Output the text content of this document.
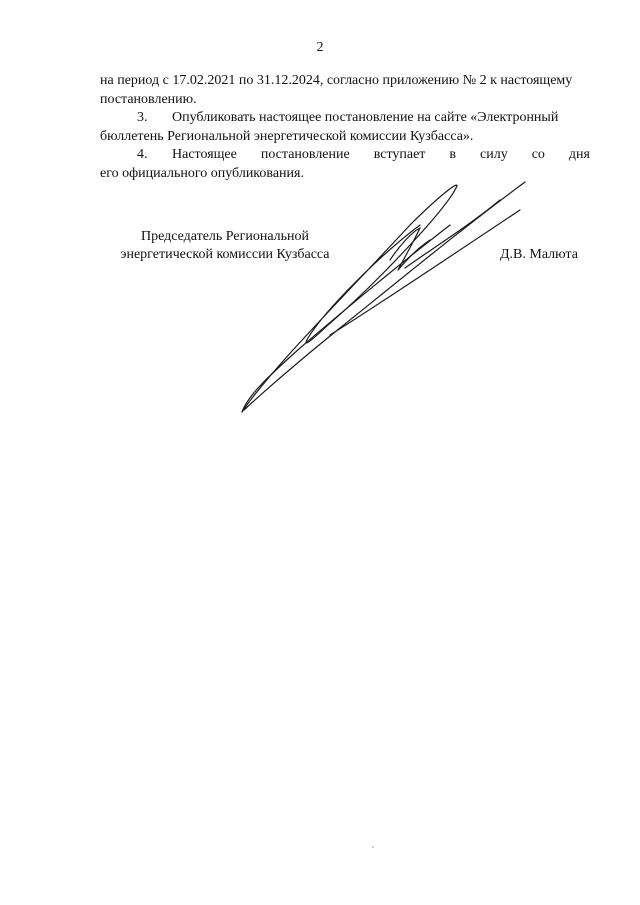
2
на период с 17.02.2021 по 31.12.2024, согласно приложению № 2 к настоящему
постановлению.
3. Опубликовать настоящее постановление на сайте «Электронный
бюллетень Региональной энергетической комиссии Кузбасса».
4. Настоящее постановление вступает в силу со дня
его официального опубликования.
Председатель Региональной
энергетической комиссии Кузбасса	Д.В. Малюта
